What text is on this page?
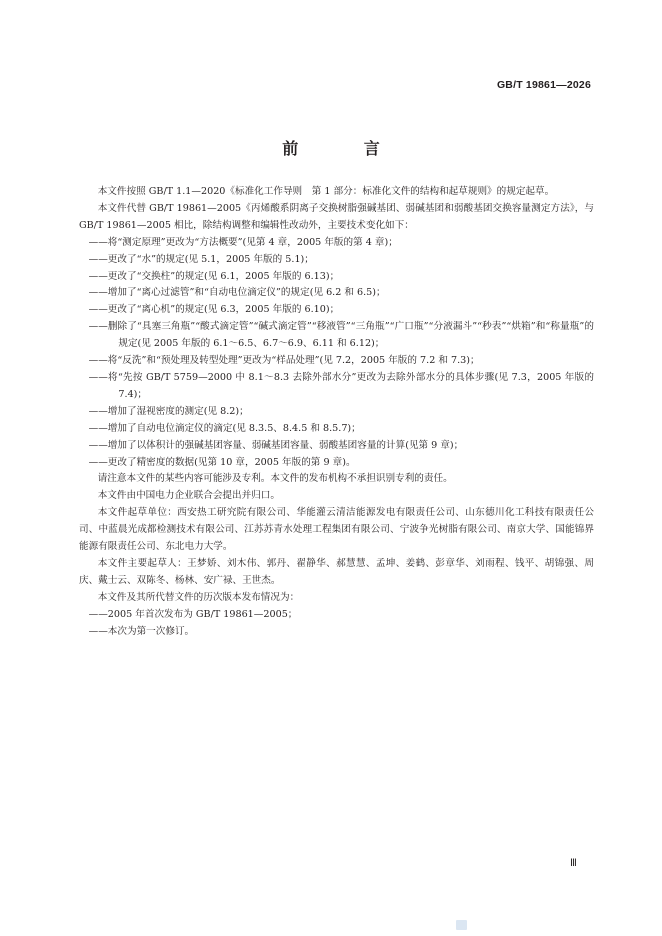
GB/T 19861—2026
前 言

本文件按照 GB/T 1.1—2020《标准化工作导则　第 1 部分：标准化文件的结构和起草规则》的规定起草。

本文件代替 GB/T 19861—2005《丙烯酸系阴离子交换树脂强碱基团、弱碱基团和弱酸基团交换容量测定方法》，与 GB/T 19861—2005 相比，除结构调整和编辑性改动外，主要技术变化如下：

——将“测定原理”更改为“方法概要”(见第 4 章，2005 年版的第 4 章)；

——更改了“水”的规定(见 5.1，2005 年版的 5.1)；

——更改了“交换柱”的规定(见 6.1，2005 年版的 6.13)；

——增加了“离心过滤管”和“自动电位滴定仪”的规定(见 6.2 和 6.5)；

——更改了“离心机”的规定(见 6.3，2005 年版的 6.10)；

——删除了“具塞三角瓶”“酸式滴定管”“碱式滴定管”“移液管”“三角瓶”“广口瓶”“分液漏斗”“秒表”“烘箱”和“称量瓶”的规定(见 2005 年版的 6.1～6.5、6.7～6.9、6.11 和 6.12)；

——将“反洗”和“预处理及转型处理”更改为“样品处理”(见 7.2，2005 年版的 7.2 和 7.3)；

——将“先按 GB/T 5759—2000 中 8.1～8.3 去除外部水分”更改为去除外部水分的具体步骤(见 7.3，2005 年版的 7.4)；

——增加了湿视密度的测定(见 8.2)；

——增加了自动电位滴定仪的滴定(见 8.3.5、8.4.5 和 8.5.7)；

——增加了以体积计的强碱基团容量、弱碱基团容量、弱酸基团容量的计算(见第 9 章)；

——更改了精密度的数据(见第 10 章，2005 年版的第 9 章)。

请注意本文件的某些内容可能涉及专利。本文件的发布机构不承担识别专利的责任。

本文件由中国电力企业联合会提出并归口。

本文件起草单位：西安热工研究院有限公司、华能灌云清洁能源发电有限责任公司、山东德川化工科技有限责任公司、中蓝晨光成都检测技术有限公司、江苏苏青水处理工程集团有限公司、宁波争光树脂有限公司、南京大学、国能锦界能源有限责任公司、东北电力大学。

本文件主要起草人：王梦娇、刘木伟、郭丹、翟静华、郝慧慧、孟坤、姜鹤、彭章华、刘雨程、钱平、胡锦强、周庆、戴士云、双陈冬、杨林、安广禄、王世杰。

本文件及其所代替文件的历次版本发布情况为：

——2005 年首次发布为 GB/T 19861—2005；

——本次为第一次修订。

Ⅲ
